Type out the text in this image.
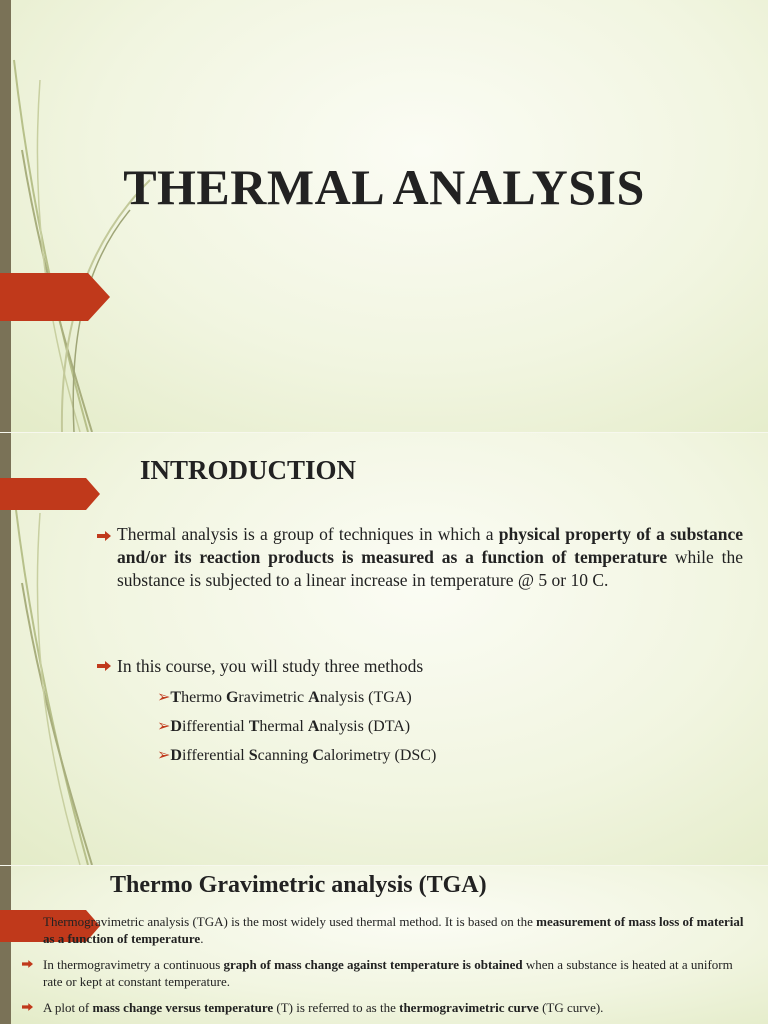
THERMAL ANALYSIS
INTRODUCTION

Thermal analysis is a group of techniques in which a physical property of a substance and/or its reaction products is measured as a function of temperature while the substance is subjected to a linear increase in temperature @ 5 or 10 C.

In this course, you will study three methods
➢Thermo Gravimetric Analysis (TGA)
➢Differential Thermal Analysis (DTA)
➢Differential Scanning Calorimetry (DSC)
Thermo Gravimetric analysis (TGA)

Thermogravimetric analysis (TGA) is the most widely used thermal method. It is based on the measurement of mass loss of material as a function of temperature.

In thermogravimetry a continuous graph of mass change against temperature is obtained when a substance is heated at a uniform rate or kept at constant temperature.

A plot of mass change versus temperature (T) is referred to as the thermogravimetric curve (TG curve).
